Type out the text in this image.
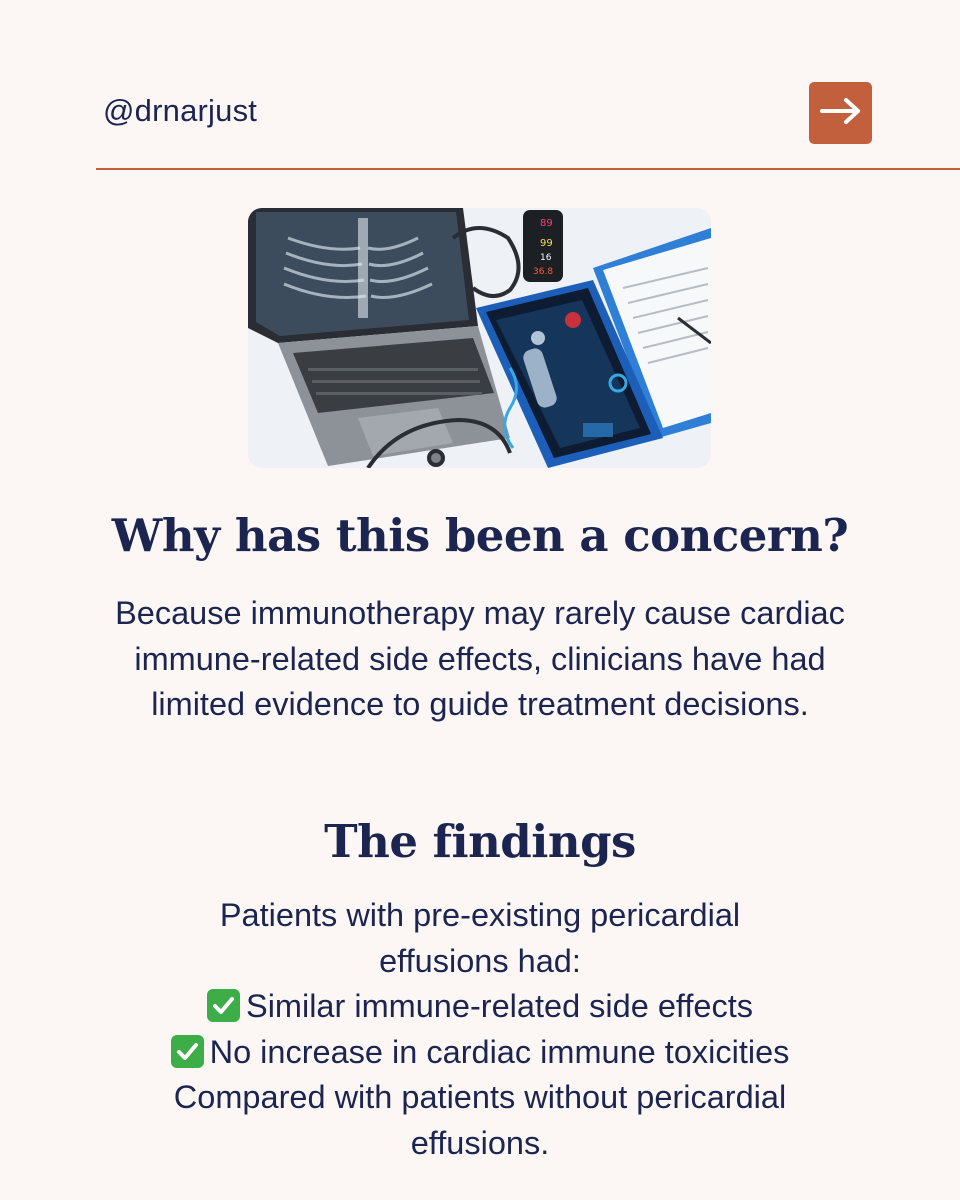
@drnarjust
89
99
16
36.8
Why has this been a concern?
Because immunotherapy may rarely cause cardiac immune-related side effects, clinicians have had limited evidence to guide treatment decisions.
The findings
Patients with pre-existing pericardial effusions had:
Similar immune-related side effects
No increase in cardiac immune toxicities
Compared with patients without pericardial effusions.
